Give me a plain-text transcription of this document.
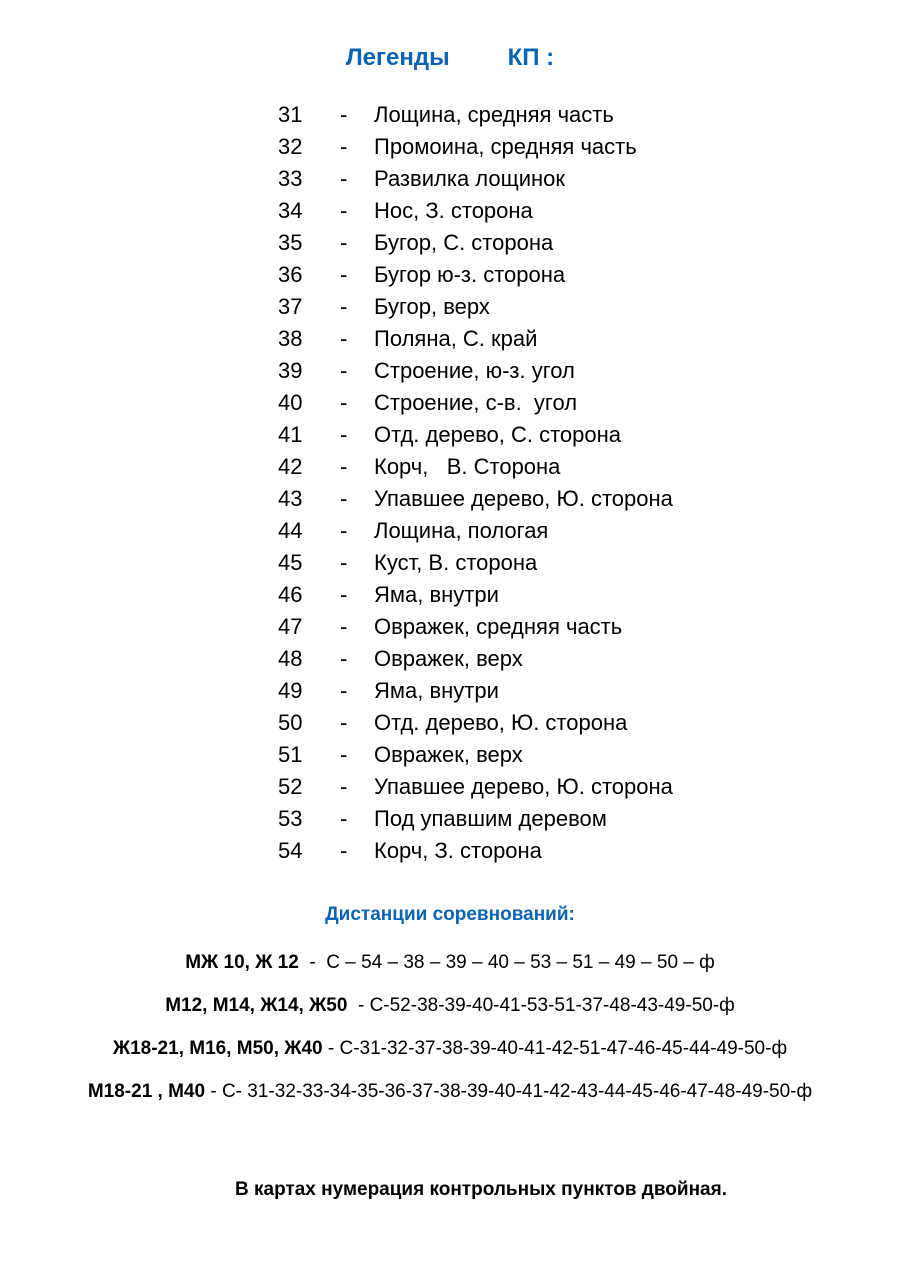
Легенды КП :
31	-	Лощина, средняя часть
32	-	Промоина, средняя часть
33	-	Развилка лощинок
34	-	Нос, З. сторона
35	-	Бугор, С. сторона
36	-	Бугор ю-з. сторона
37	-	Бугор, верх
38	-	Поляна, С. край
39	-	Строение, ю-з. угол
40	-	Строение, с-в.  угол
41	-	Отд. дерево, С. сторона
42	-	Корч,   В. Сторона
43	-	Упавшее дерево, Ю. сторона
44	-	Лощина, пологая
45	-	Куст, В. сторона
46	-	Яма, внутри
47	-	Овражек, средняя часть
48	-	Овражек, верх
49	-	Яма, внутри
50	-	Отд. дерево, Ю. сторона
51	-	Овражек, верх
52	-	Упавшее дерево, Ю. сторона
53	-	Под упавшим деревом
54	-	Корч, З. сторона
Дистанции соревнований:
МЖ 10, Ж 12  -  С – 54 – 38 – 39 – 40 – 53 – 51 – 49 – 50 – ф
М12, М14, Ж14, Ж50  - С-52-38-39-40-41-53-51-37-48-43-49-50-ф
Ж18-21, М16, М50, Ж40 - С-31-32-37-38-39-40-41-42-51-47-46-45-44-49-50-ф
М18-21 , М40 - С- 31-32-33-34-35-36-37-38-39-40-41-42-43-44-45-46-47-48-49-50-ф
В картах нумерация контрольных пунктов двойная.
